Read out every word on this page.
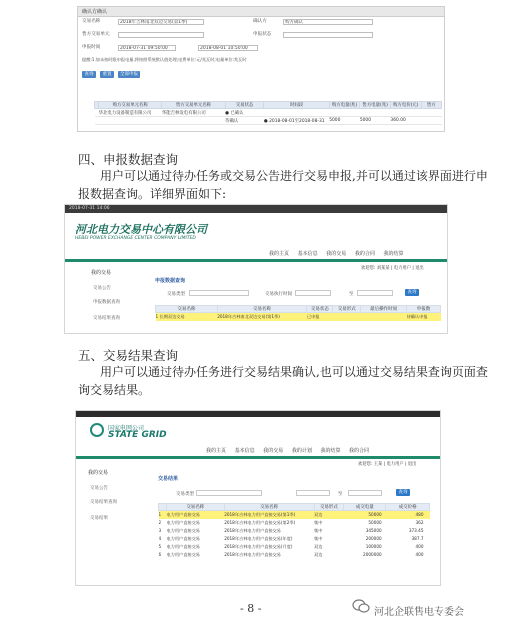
确认方确认
交易名称	2018年吉林南北双边交易(第1季)	确认方	购方确认
售方交易单元	申报状态
申报时间	2018-07-31 09:50:00	2018-08-01 10:50:00
提醒:1.如未按时限申报电量,将按照系统默认值处理;电费单位:元/兆瓦时;电量单位:兆瓦时
查询	重置	全部申报
	购方交易单元名称	售方交易单元名称	交易状态	时间段	购方电量(兆)	售方电量(兆)	购方电价(元)	售方
	华北电力设备制造有限公司	华能吉林发电有限公司	● 已确认					
			待确认	● 2018-08-01至2018-08-31	5000	5000	360.00	
四、申报数据查询
用户可以通过待办任务或交易公告进行交易申报,并可以通过该界面进行申
报数据查询。详细界面如下:
2018-07-31 14:06
河北电力交易中心有限公司
HEBEI POWER EXCHANGE CENTER COMPANY LIMITED
我的主页 基本信息 我的交易 我的合同 我的结算
欢迎您: 刘某某 | 电力用户 | 退出
我的交易
交易公告
申报数据查询
交易结果查询
申报数据查询
交易类型	交易执行时间	至	查询
交易名称	交易名称	交易状态	交易形式	最后操作时间	申报数
1 长期双边交易	2018年吉林南北双边交易(第1季)	已申报			待确认申报
五、交易结果查询
用户可以通过待办任务进行交易结果确认,也可以通过交易结果查询页面查
询交易结果。
国家电网公司
STATE GRID
我的主页 基本信息 我的交易 我的计划 我的结算 我的合同
欢迎您: 王某 | 电力用户 | 退出
我的交易
交易公告
交易结果查询
交易结果
交易结果
交易类型	至	查询
	交易名称	交易名称	交易形式	成交电量	成交价格
1	电力用户直接交易	2018年吉林电力用户直接交易(第1季)	双边	50000	480
2	电力用户直接交易	2018年吉林电力用户直接交易(第2季)	集中	50000	362
3	电力用户直接交易	2018年吉林电力用户直接交易	集中	345000	373.45
4	电力用户直接交易	2018年吉林电力用户直接交易(年度)	集中	200000	387.7
5	电力用户直接交易	2018年吉林电力用户直接交易(月度)	双边	100000	400
6	电力用户直接交易	2018年吉林电力用户直接交易	双边	2000000	400
- 8 -	河北企联售电专委会
